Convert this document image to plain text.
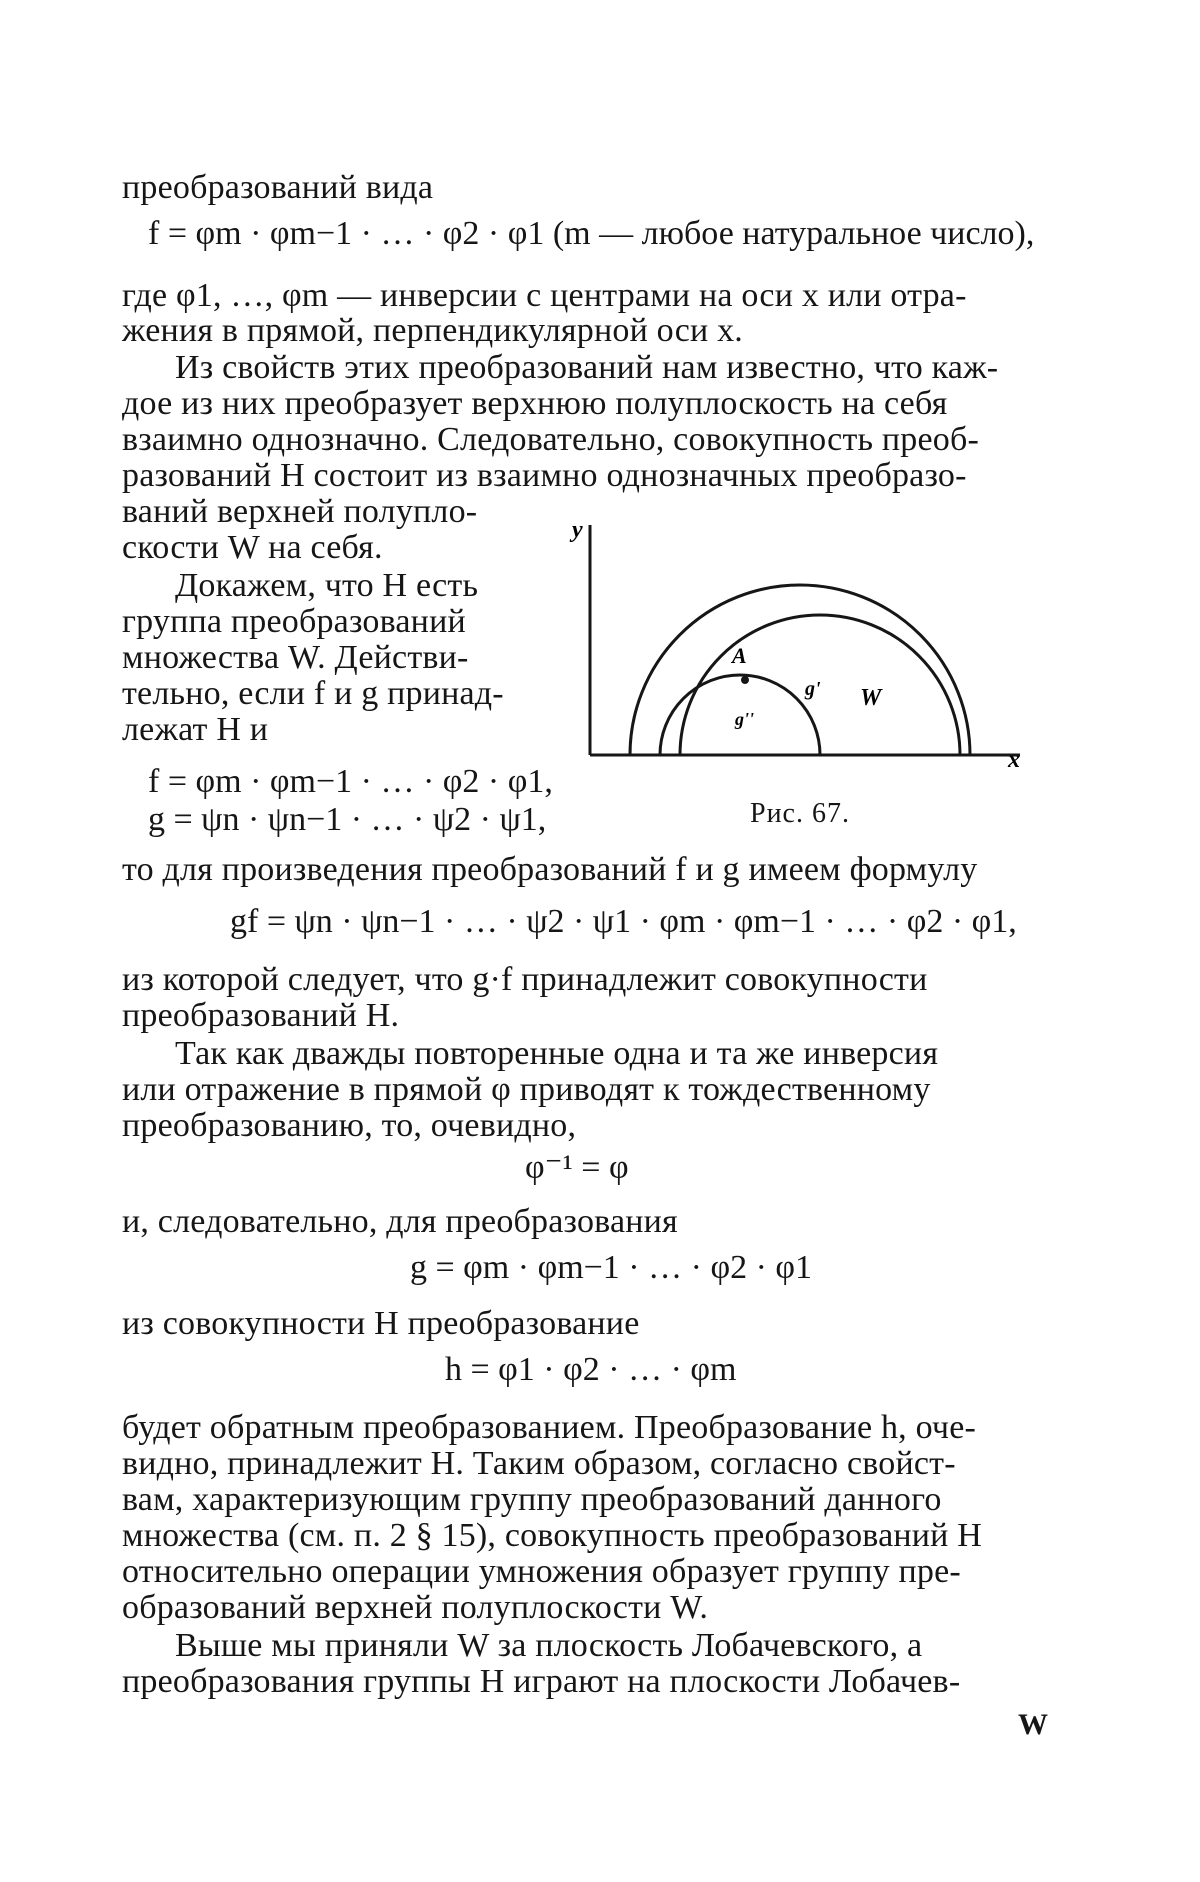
преобразований вида
f = φm · φm−1 · … · φ2 · φ1 (m — любое натуральное число),
где φ1, …, φm — инверсии с центрами на оси x или отра-
жения в прямой, перпендикулярной оси x.
Из свойств этих преобразований нам известно, что каж-
дое из них преобразует верхнюю полуплоскость на себя
взаимно однозначно. Следовательно, совокупность преоб-
разований H состоит из взаимно однозначных преобразо-
ваний верхней полупло-
скости W на себя.
Докажем, что H есть
группа преобразований
множества W. Действи-
тельно, если f и g принад-
лежат H и
f = φm · φm−1 · … · φ2 · φ1,
g = ψn · ψn−1 · … · ψ2 · ψ1,
y
x
A
g'
g''
W
Рис. 67.
то для произведения преобразований f и g имеем формулу
gf = ψn · ψn−1 · … · ψ2 · ψ1 · φm · φm−1 · … · φ2 · φ1,
из которой следует, что g·f принадлежит совокупности
преобразований H.
Так как дважды повторенные одна и та же инверсия
или отражение в прямой φ приводят к тождественному
преобразованию, то, очевидно,
φ⁻¹ = φ
и, следовательно, для преобразования
g = φm · φm−1 · … · φ2 · φ1
из совокупности H преобразование
h = φ1 · φ2 · … · φm
будет обратным преобразованием. Преобразование h, оче-
видно, принадлежит H. Таким образом, согласно свойст-
вам, характеризующим группу преобразований данного
множества (см. п. 2 § 15), совокупность преобразований H
относительно операции умножения образует группу пре-
образований верхней полуплоскости W.
Выше мы приняли W за плоскость Лобачевского, а
преобразования группы H играют на плоскости Лобачев-
W
